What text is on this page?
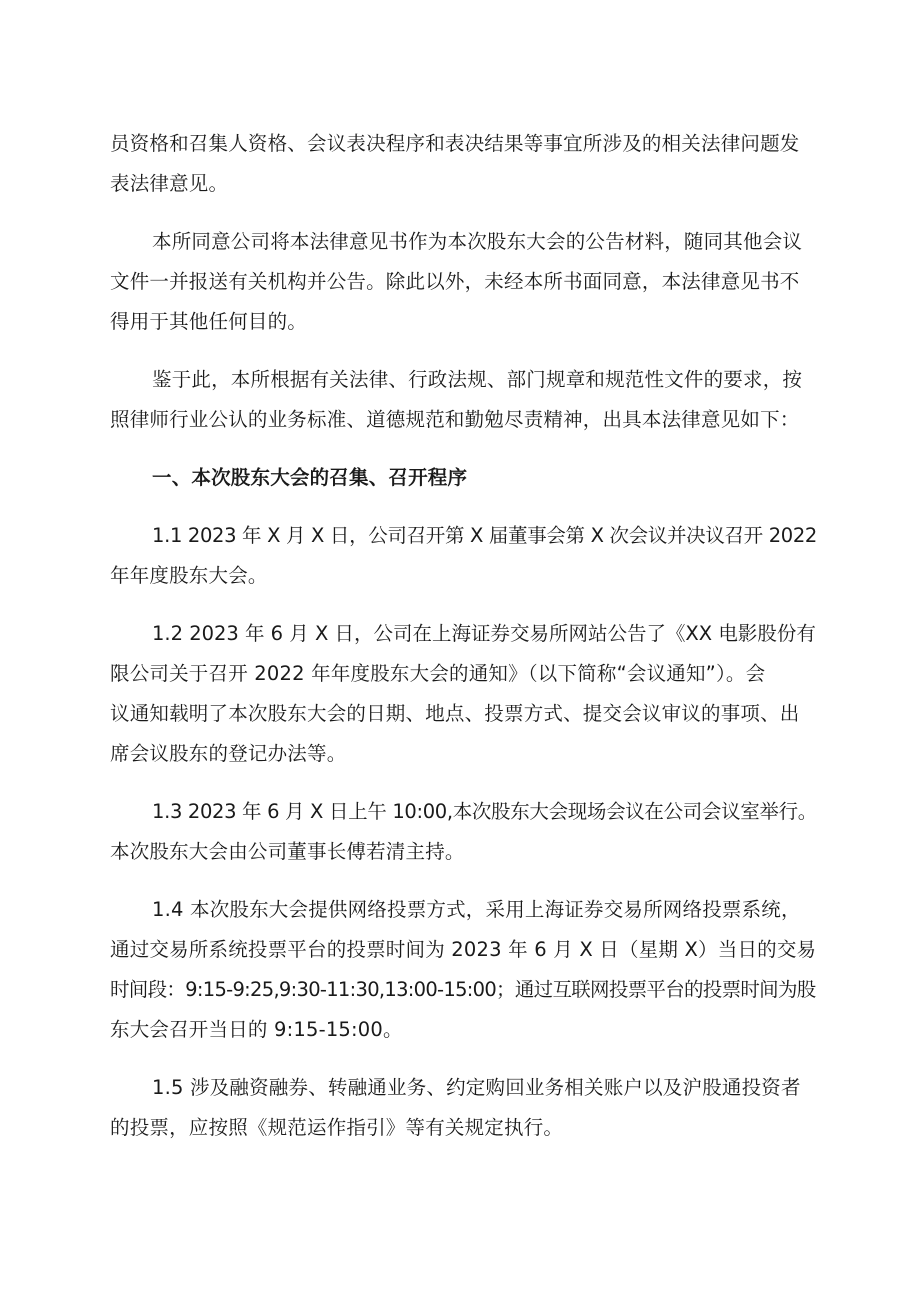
员资格和召集人资格、会议表决程序和表决结果等事宜所涉及的相关法律问题发
表法律意见。

本所同意公司将本法律意见书作为本次股东大会的公告材料，随同其他会议
文件一并报送有关机构并公告。除此以外，未经本所书面同意，本法律意见书不
得用于其他任何目的。

鉴于此，本所根据有关法律、行政法规、部门规章和规范性文件的要求，按
照律师行业公认的业务标准、道德规范和勤勉尽责精神，出具本法律意见如下：

一、本次股东大会的召集、召开程序

1.1 2023 年 X 月 X 日，公司召开第 X 届董事会第 X 次会议并决议召开 2022
年年度股东大会。

1.2 2023 年 6 月 X 日，公司在上海证券交易所网站公告了《XX 电影股份有
限公司关于召开 2022 年年度股东大会的通知》（以下简称“会议通知”）。会
议通知载明了本次股东大会的日期、地点、投票方式、提交会议审议的事项、出
席会议股东的登记办法等。

1.3 2023 年 6 月 X 日上午 10:00,本次股东大会现场会议在公司会议室举行。
本次股东大会由公司董事长傅若清主持。

1.4 本次股东大会提供网络投票方式，采用上海证券交易所网络投票系统，
通过交易所系统投票平台的投票时间为 2023 年 6 月 X 日（星期 X）当日的交易
时间段：9:15-9:25,9:30-11:30,13:00-15:00；通过互联网投票平台的投票时间为股
东大会召开当日的 9:15-15:00。

1.5 涉及融资融券、转融通业务、约定购回业务相关账户以及沪股通投资者
的投票，应按照《规范运作指引》等有关规定执行。
